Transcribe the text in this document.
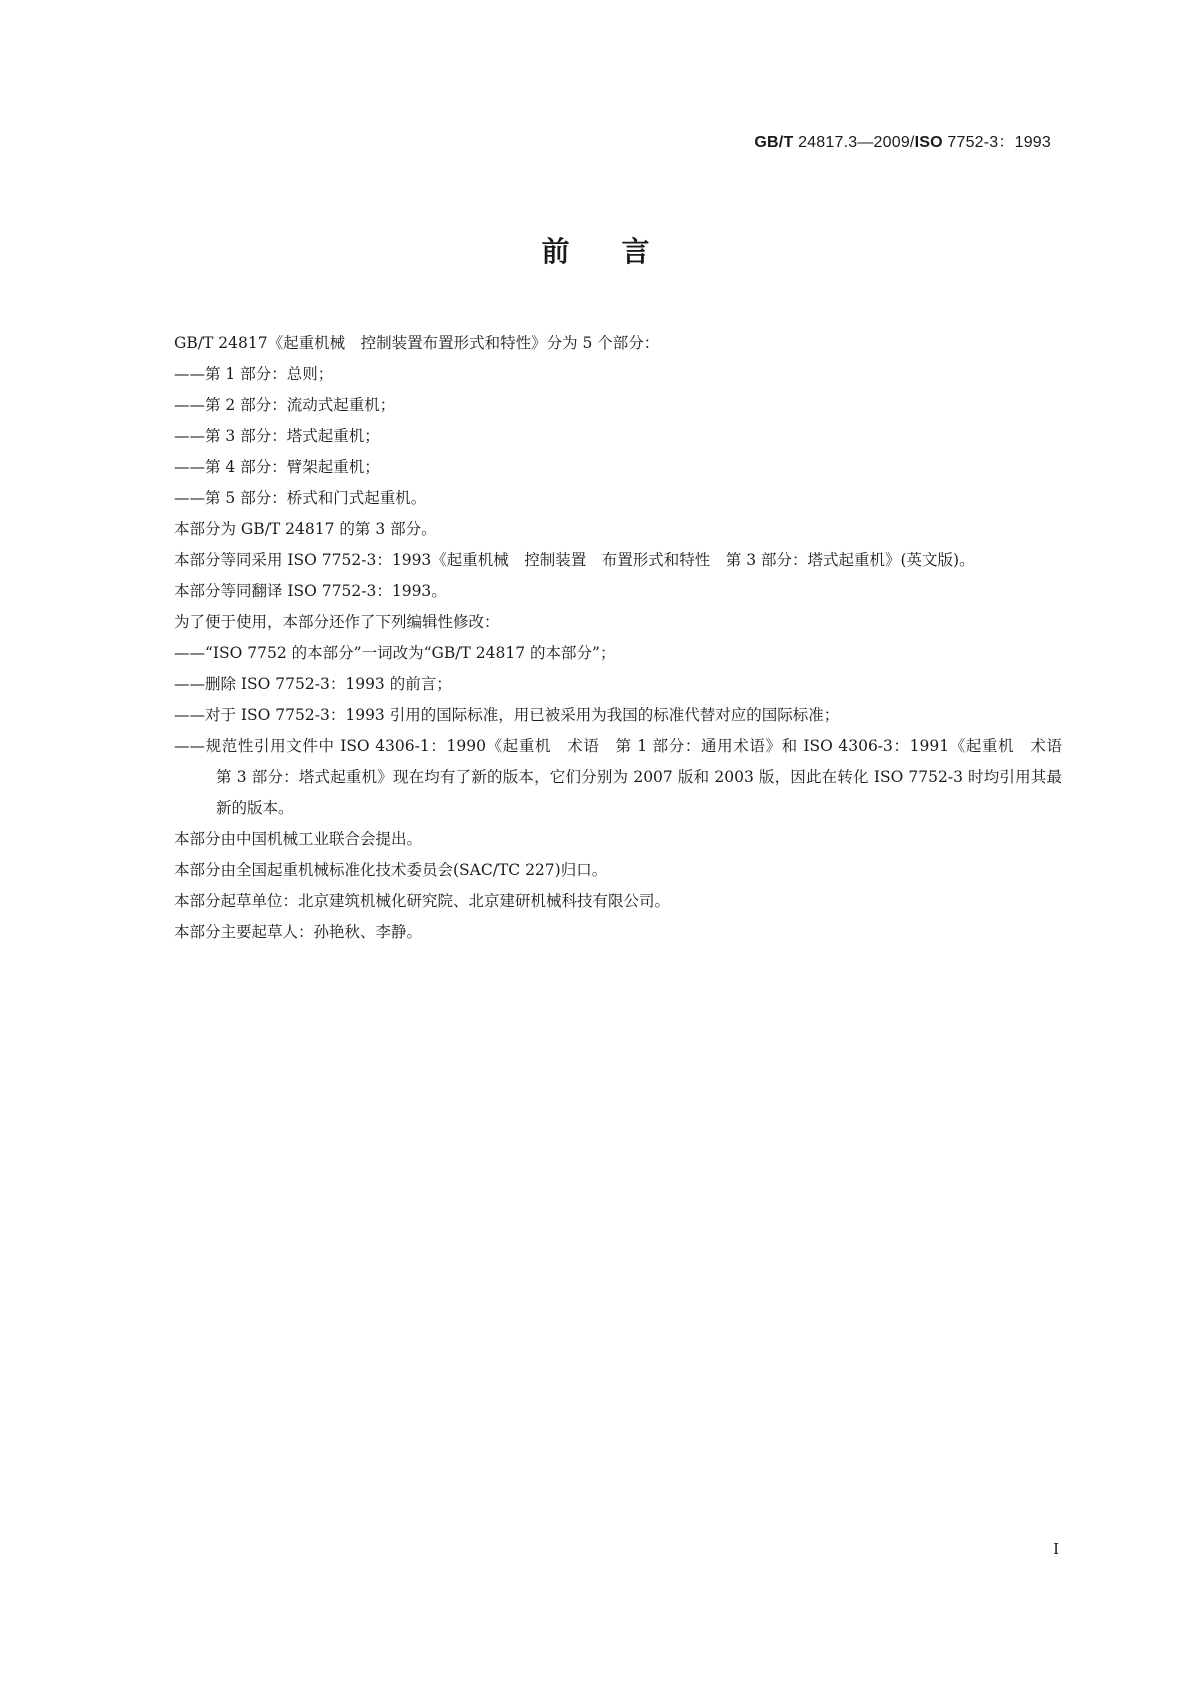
GB/T 24817.3—2009/ISO 7752-3：1993
前言

GB/T 24817《起重机械　控制装置布置形式和特性》分为 5 个部分：

——第 1 部分：总则；

——第 2 部分：流动式起重机；

——第 3 部分：塔式起重机；

——第 4 部分：臂架起重机；

——第 5 部分：桥式和门式起重机。

本部分为 GB/T 24817 的第 3 部分。

本部分等同采用 ISO 7752-3：1993《起重机械　控制装置　布置形式和特性　第 3 部分：塔式起重机》(英文版)。

本部分等同翻译 ISO 7752-3：1993。

为了便于使用，本部分还作了下列编辑性修改：

——“ISO 7752 的本部分”一词改为“GB/T 24817 的本部分”；

——删除 ISO 7752-3：1993 的前言；

——对于 ISO 7752-3：1993 引用的国际标准，用已被采用为我国的标准代替对应的国际标准；

——规范性引用文件中 ISO 4306-1：1990《起重机　术语　第 1 部分：通用术语》和 ISO 4306-3：1991《起重机　术语　第 3 部分：塔式起重机》现在均有了新的版本，它们分别为 2007 版和 2003 版，因此在转化 ISO 7752-3 时均引用其最新的版本。

本部分由中国机械工业联合会提出。

本部分由全国起重机械标准化技术委员会(SAC/TC 227)归口。

本部分起草单位：北京建筑机械化研究院、北京建研机械科技有限公司。

本部分主要起草人：孙艳秋、李静。

I
